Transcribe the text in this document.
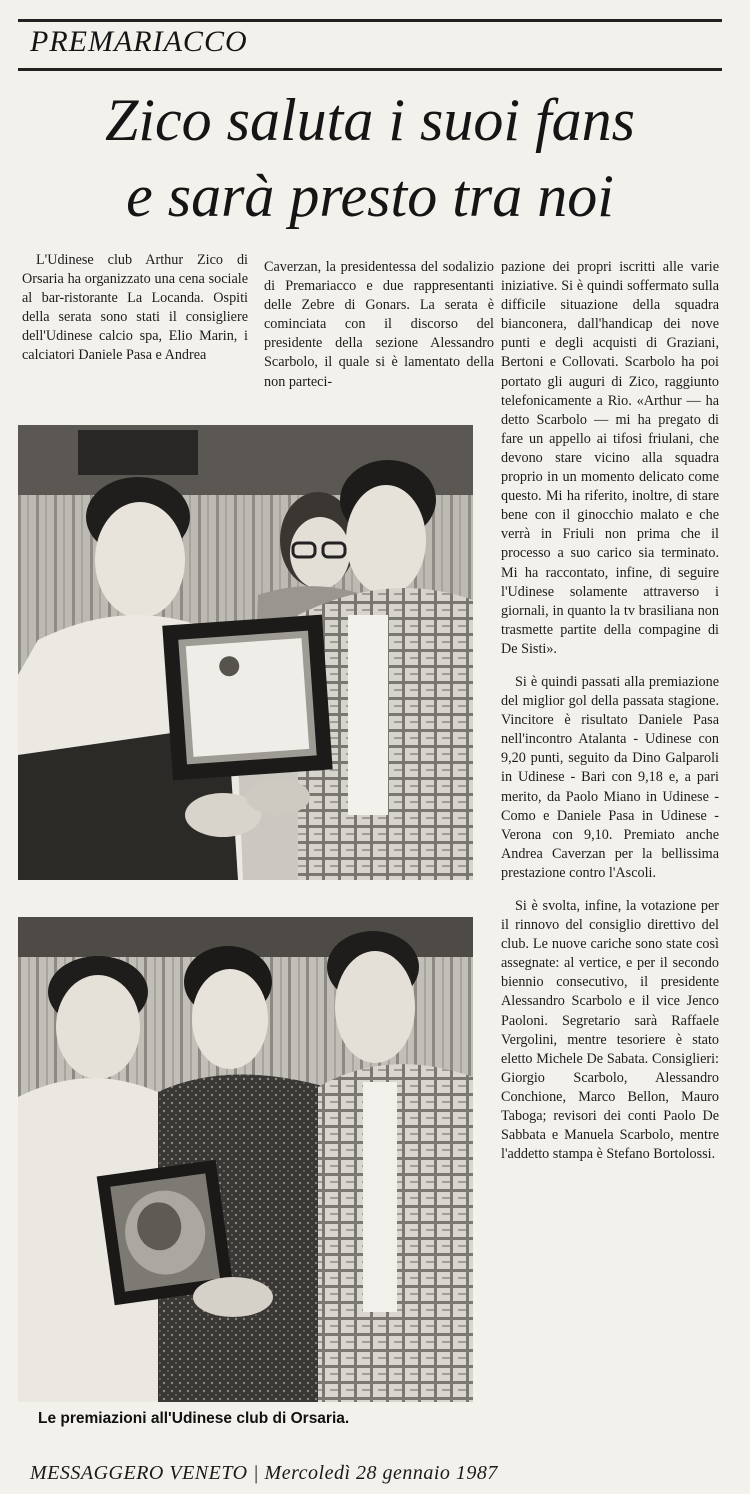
PREMARIACCO
Zico saluta i suoi fans
e sarà presto tra noi

L'Udinese club Arthur Zico di Orsaria ha organizzato una cena sociale al bar-ristorante La Locanda. Ospiti della serata sono stati il consigliere dell'Udinese calcio spa, Elio Marin, i calciatori Daniele Pasa e Andrea

Caverzan, la presidentessa del sodalizio di Premariacco e due rappresentanti delle Zebre di Gonars. La serata è cominciata con il discorso del presidente della sezione Alessandro Scarbolo, il quale si è lamentato della non parteci-

pazione dei propri iscritti alle varie iniziative. Si è quindi soffermato sulla difficile situazione della squadra bianconera, dall'handicap dei nove punti e degli acquisti di Graziani, Bertoni e Collovati. Scarbolo ha poi portato gli auguri di Zico, raggiunto telefonicamente a Rio. «Arthur — ha detto Scarbolo — mi ha pregato di fare un appello ai tifosi friulani, che devono stare vicino alla squadra proprio in un momento delicato come questo. Mi ha riferito, inoltre, di stare bene con il ginocchio malato e che verrà in Friuli non prima che il processo a suo carico sia terminato. Mi ha raccontato, infine, di seguire l'Udinese solamente attraverso i giornali, in quanto la tv brasiliana non trasmette partite della compagine di De Sisti».

Si è quindi passati alla premiazione del miglior gol della passata stagione. Vincitore è risultato Daniele Pasa nell'incontro Atalanta - Udinese con 9,20 punti, seguito da Dino Galparoli in Udinese - Bari con 9,18 e, a pari merito, da Paolo Miano in Udinese - Como e Daniele Pasa in Udinese -Verona con 9,10. Premiato anche Andrea Caverzan per la bellissima prestazione contro l'Ascoli.

Si è svolta, infine, la votazione per il rinnovo del consiglio direttivo del club. Le nuove cariche sono state così assegnate: al vertice, e per il secondo biennio consecutivo, il presidente Alessandro Scarbolo e il vice Jenco Paoloni. Segretario sarà Raffaele Vergolini, mentre tesoriere è stato eletto Michele De Sabata. Consiglieri: Giorgio Scarbolo, Alessandro Conchione, Marco Bellon, Mauro Taboga; revisori dei conti Paolo De Sabbata e Manuela Scarbolo, mentre l'addetto stampa è Stefano Bortolossi.

Le premiazioni all'Udinese club di Orsaria.
MESSAGGERO VENETO | Mercoledì 28 gennaio 1987
